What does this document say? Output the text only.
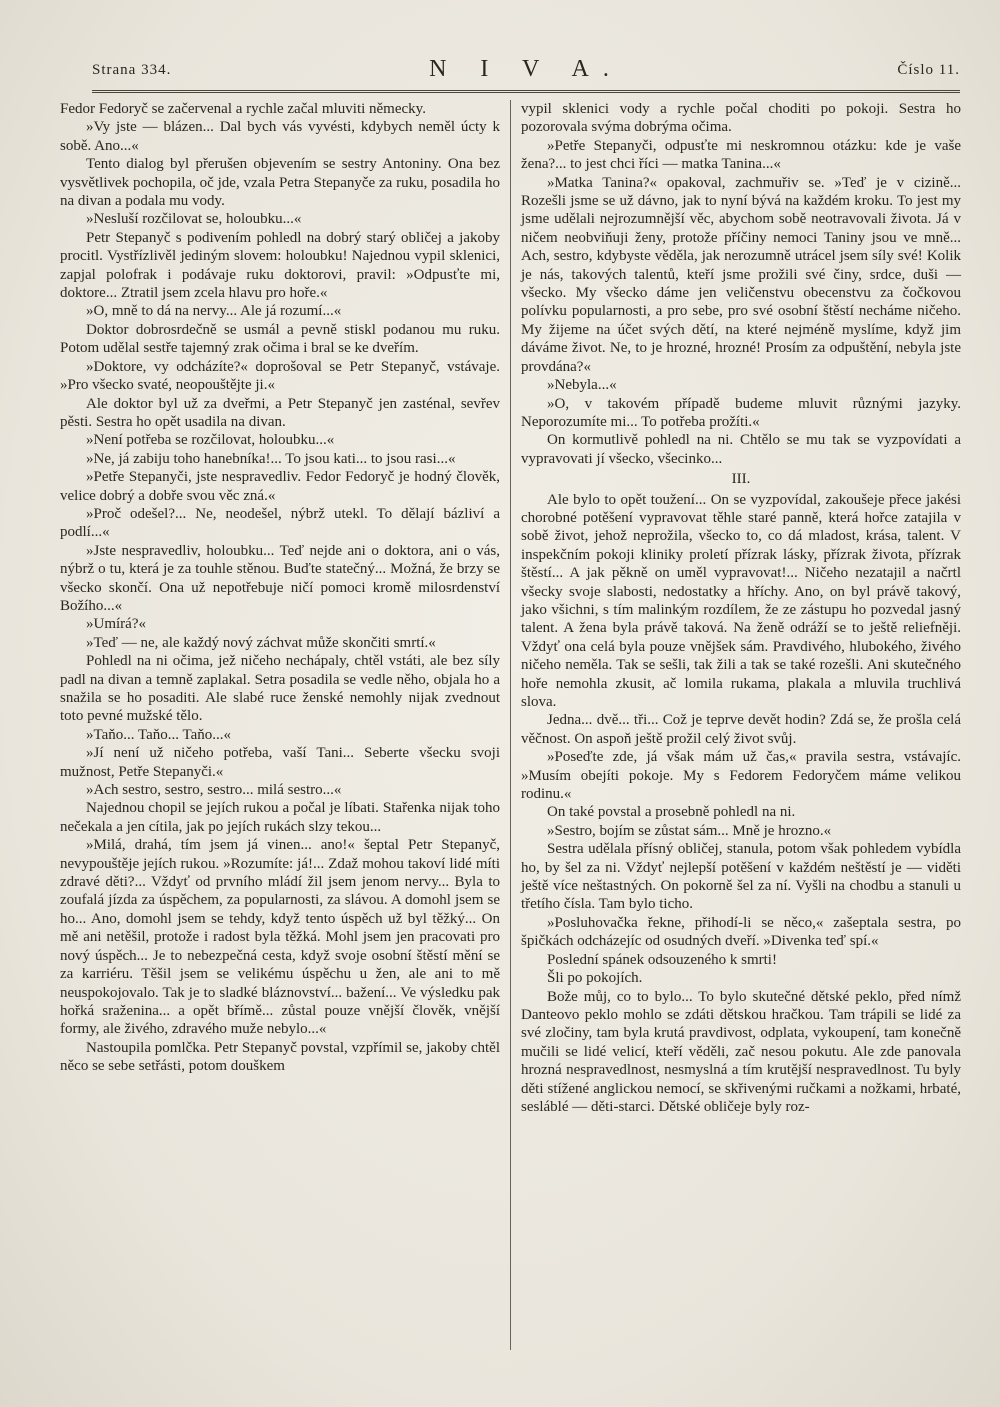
Strana 334.	N I V A.	Číslo 11.

Fedor Fedoryč se začervenal a rychle začal mluviti německy.

»Vy jste — blázen... Dal bych vás vyvésti, kdybych neměl úcty k sobě. Ano...«

Tento dialog byl přerušen objevením se sestry Antoniny. Ona bez vysvětlivek pochopila, oč jde, vzala Petra Stepanyče za ruku, posadila ho na divan a podala mu vody.

»Nesluší rozčilovat se, holoubku...«

Petr Stepanyč s podivením pohledl na dobrý starý obličej a jakoby procitl. Vystřízlivěl jediným slovem: holoubku! Najednou vypil sklenici, zapjal polofrak i podávaje ruku doktorovi, pravil: »Odpusťte mi, doktore... Ztratil jsem zcela hlavu pro hoře.«

»O, mně to dá na nervy... Ale já rozumí...«

Doktor dobrosrdečně se usmál a pevně stiskl podanou mu ruku. Potom udělal sestře tajemný zrak očima i bral se ke dveřím.

»Doktore, vy odcházíte?« doprošoval se Petr Stepanyč, vstávaje. »Pro všecko svaté, neopouštějte ji.«

Ale doktor byl už za dveřmi, a Petr Stepanyč jen zasténal, sevřev pěsti. Sestra ho opět usadila na divan.

»Není potřeba se rozčilovat, holoubku...«

»Ne, já zabiju toho hanebníka!... To jsou kati... to jsou rasi...«

»Petře Stepanyči, jste nespravedliv. Fedor Fedoryč je hodný člověk, velice dobrý a dobře svou věc zná.«

»Proč odešel?... Ne, neodešel, nýbrž utekl. To dělají bázliví a podlí...«

»Jste nespravedliv, holoubku... Teď nejde ani o doktora, ani o vás, nýbrž o tu, která je za touhle stěnou. Buďte statečný... Možná, že brzy se všecko skončí. Ona už nepotřebuje ničí pomoci kromě milosrdenství Božího...«

»Umírá?«

»Teď — ne, ale každý nový záchvat může skončiti smrtí.«

Pohledl na ni očima, jež ničeho nechápaly, chtěl vstáti, ale bez síly padl na divan a temně zaplakal. Setra posadila se vedle něho, objala ho a snažila se ho posaditi. Ale slabé ruce ženské nemohly nijak zvednout toto pevné mužské tělo.

»Taňo... Taňo... Taňo...«

»Jí není už ničeho potřeba, vaší Tani... Seberte všecku svoji mužnost, Petře Stepanyči.«

»Ach sestro, sestro, sestro... milá sestro...«

Najednou chopil se jejích rukou a počal je líbati. Stařenka nijak toho nečekala a jen cítila, jak po jejích rukách slzy tekou...

»Milá, drahá, tím jsem já vinen... ano!« šeptal Petr Stepanyč, nevypouštěje jejích rukou. »Rozumíte: já!... Zdaž mohou takoví lidé míti zdravé děti?... Vždyť od prvního mládí žil jsem jenom nervy... Byla to zoufalá jízda za úspěchem, za popularnosti, za slávou. A domohl jsem se ho... Ano, domohl jsem se tehdy, když tento úspěch už byl těžký... On mě ani netěšil, protože i radost byla těžká. Mohl jsem jen pracovati pro nový úspěch... Je to nebezpečná cesta, když svoje osobní štěstí mění se za karriéru. Těšil jsem se velikému úspěchu u žen, ale ani to mě neuspokojovalo. Tak je to sladké bláznovství... bažení... Ve výsledku pak hořká sraženina... a opět břímě... zůstal pouze vnější člověk, vnější formy, ale živého, zdravého muže nebylo...«

Nastoupila pomlčka. Petr Stepanyč povstal, vzpřímil se, jakoby chtěl něco se sebe setřásti, potom douškem

vypil sklenici vody a rychle počal choditi po pokoji. Sestra ho pozorovala svýma dobrýma očima.

»Petře Stepanyči, odpusťte mi neskromnou otázku: kde je vaše žena?... to jest chci říci — matka Tanina...«

»Matka Tanina?« opakoval, zachmuřiv se. »Teď je v cizině... Rozešli jsme se už dávno, jak to nyní bývá na každém kroku. To jest my jsme udělali nejrozumnější věc, abychom sobě neotravovali života. Já v ničem neobviňuji ženy, protože příčiny nemoci Taniny jsou ve mně... Ach, sestro, kdybyste věděla, jak nerozumně utrácel jsem síly své! Kolik je nás, takových talentů, kteří jsme prožili své činy, srdce, duši — všecko. My všecko dáme jen veličenstvu obecenstvu za čočkovou polívku popularnosti, a pro sebe, pro své osobní štěstí necháme ničeho. My žijeme na účet svých dětí, na které nejméně myslíme, když jim dáváme život. Ne, to je hrozné, hrozné! Prosím za odpuštění, nebyla jste provdána?«

»Nebyla...«

»O, v takovém případě budeme mluvit různými jazyky. Neporozumíte mi... To potřeba prožíti.«

On kormutlivě pohledl na ni. Chtělo se mu tak se vyzpovídati a vypravovati jí všecko, všecinko...

III.

Ale bylo to opět toužení... On se vyzpovídal, zakoušeje přece jakési chorobné potěšení vypravovat těhle staré panně, která hořce zatajila v sobě život, jehož neprožila, všecko to, co dá mladost, krása, talent. V inspekčním pokoji kliniky proletí přízrak lásky, přízrak života, přízrak štěstí... A jak pěkně on uměl vypravovat!... Ničeho nezatajil a načrtl všecky svoje slabosti, nedostatky a hříchy. Ano, on byl právě takový, jako všichni, s tím malinkým rozdílem, že ze zástupu ho pozvedal jasný talent. A žena byla právě taková. Na ženě odráží se to ještě reliefněji. Vždyť ona celá byla pouze vnějšek sám. Pravdivého, hlubokého, živého ničeho neměla. Tak se sešli, tak žili a tak se také rozešli. Ani skutečného hoře nemohla zkusit, ač lomila rukama, plakala a mluvila truchlivá slova.

Jedna... dvě... tři... Což je teprve devět hodin? Zdá se, že prošla celá věčnost. On aspoň ještě prožil celý život svůj.

»Poseďte zde, já však mám už čas,« pravila sestra, vstávajíc. »Musím obejíti pokoje. My s Fedorem Fedoryčem máme velikou rodinu.«

On také povstal a prosebně pohledl na ni.

»Sestro, bojím se zůstat sám... Mně je hrozno.«

Sestra udělala přísný obličej, stanula, potom však pohledem vybídla ho, by šel za ni. Vždyť nejlepší potěšení v každém neštěstí je — viděti ještě více neštastných. On pokorně šel za ní. Vyšli na chodbu a stanuli u třetího čísla. Tam bylo ticho.

»Posluhovačka řekne, přihodí-li se něco,« zašeptala sestra, po špičkách odcházejíc od osudných dveří. »Divenka teď spí.«

Poslední spánek odsouzeného k smrti!

Šli po pokojích.

Bože můj, co to bylo... To bylo skutečné dětské peklo, před nímž Danteovo peklo mohlo se zdáti dětskou hračkou. Tam trápili se lidé za své zločiny, tam byla krutá pravdivost, odplata, vykoupení, tam konečně mučili se lidé velicí, kteří věděli, zač nesou pokutu. Ale zde panovala hrozná nespravedlnost, nesmyslná a tím krutější nespravedlnost. Tu byly děti stížené anglickou nemocí, se skřivenými ručkami a nožkami, hrbaté, sesláblé — děti-starci. Dětské obličeje byly roz-
